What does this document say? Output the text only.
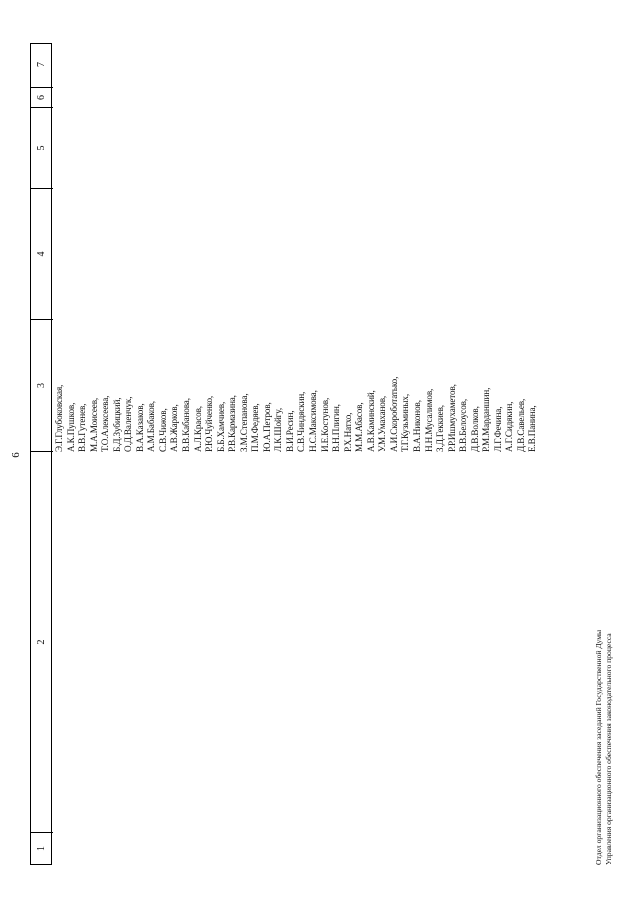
6
1
2
3
4
5
6
7
Э.Г.Глубоковская, А.К.Пушков, В.В.Гутенев, М.А.Моисеев, Т.О.Алексеева, Б.Д.Зубицкий, О.Д.Валенчук, В.А.Казаков, А.М.Бабаков, С.В.Чижов, А.В.Жарков, В.В.Кабанова, А.Л.Красов, Р.Ю.Чуйченко, Б.Б.Хамчиев, Р.В.Кармазина, З.М.Степанова, П.М.Федяев, Ю.А.Петров, Л.К.Шойгу, В.И.Ресин, С.В.Чиндяскин, Н.С.Максимова, И.Е.Костунов, В.Н.Плигин, Р.Х.Натхо, М.М.Абасов, А.В.Каминский, У.М.Умаханов, А.И.Скороботатько, Т.Г.Кузьминых, В.А.Никонов, Н.Н.Мусалимов, З.Д.Геккиев, Р.Р.Ишмухаметов, В.В.Белоусов, Д.В.Волков, Р.М.Марданшин, Л.Г.Фечина, А.Г.Сидякин, Д.В.Савельев, Е.В.Панина,
Отдел организационного обеспечения заседаний Государственной Думы Управления организационного обеспечения законодательного процесса
